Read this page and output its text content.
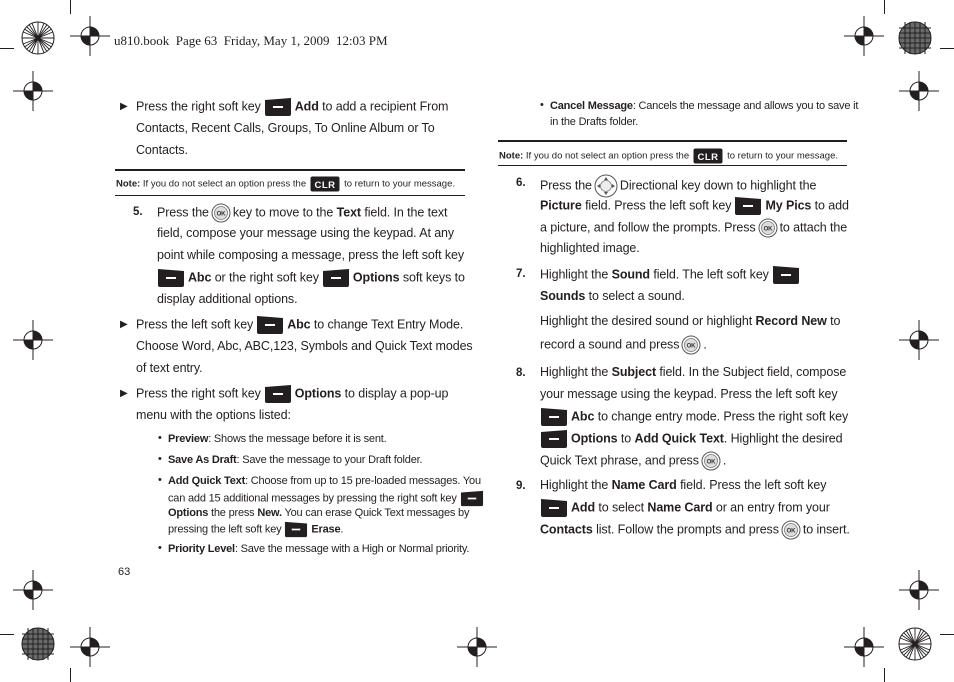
u810.book  Page 63  Friday, May 1, 2009  12:03 PM
▶ Press the right soft key	Add to add a recipient From
Contacts, Recent Calls, Groups, To Online Album or To
Contacts.
Note: If you do not select an option press the	to return to your message.
5. Press the key to move to the Text field. In the text
field, compose your message using the keypad. At any
point while composing a message, press the left soft key
Abc or the right soft key	Options soft keys to
display additional options.
▶ Press the left soft key	Abc to change Text Entry Mode.
Choose Word, Abc, ABC,123, Symbols and Quick Text modes
of text entry.
▶ Press the right soft key	Options to display a pop-up
menu with the options listed:
• Preview: Shows the message before it is sent.
• Save As Draft: Save the message to your Draft folder.
• Add Quick Text: Choose from up to 15 pre-loaded messages. You
can add 15 additional messages by pressing the right soft key
Options the press New. You can erase Quick Text messages by
pressing the left soft key	Erase.
• Priority Level: Save the message with a High or Normal priority.
63
• Cancel Message: Cancels the message and allows you to save it
in the Drafts folder.
Note: If you do not select an option press the	to return to your message.
6. Press the Directional key down to highlight the
Picture field. Press the left soft key	My Pics to add
a picture, and follow the prompts. Press to attach the
highlighted image.
7. Highlight the Sound field. The left soft key
Sounds to select a sound.
Highlight the desired sound or highlight Record New to
record a sound and press .
8. Highlight the Subject field. In the Subject field, compose
your message using the keypad. Press the left soft key
Abc to change entry mode. Press the right soft key
Options to Add Quick Text. Highlight the desired
Quick Text phrase, and press .
9. Highlight the Name Card field. Press the left soft key
Add to select Name Card or an entry from your
Contacts list. Follow the prompts and press to insert.
